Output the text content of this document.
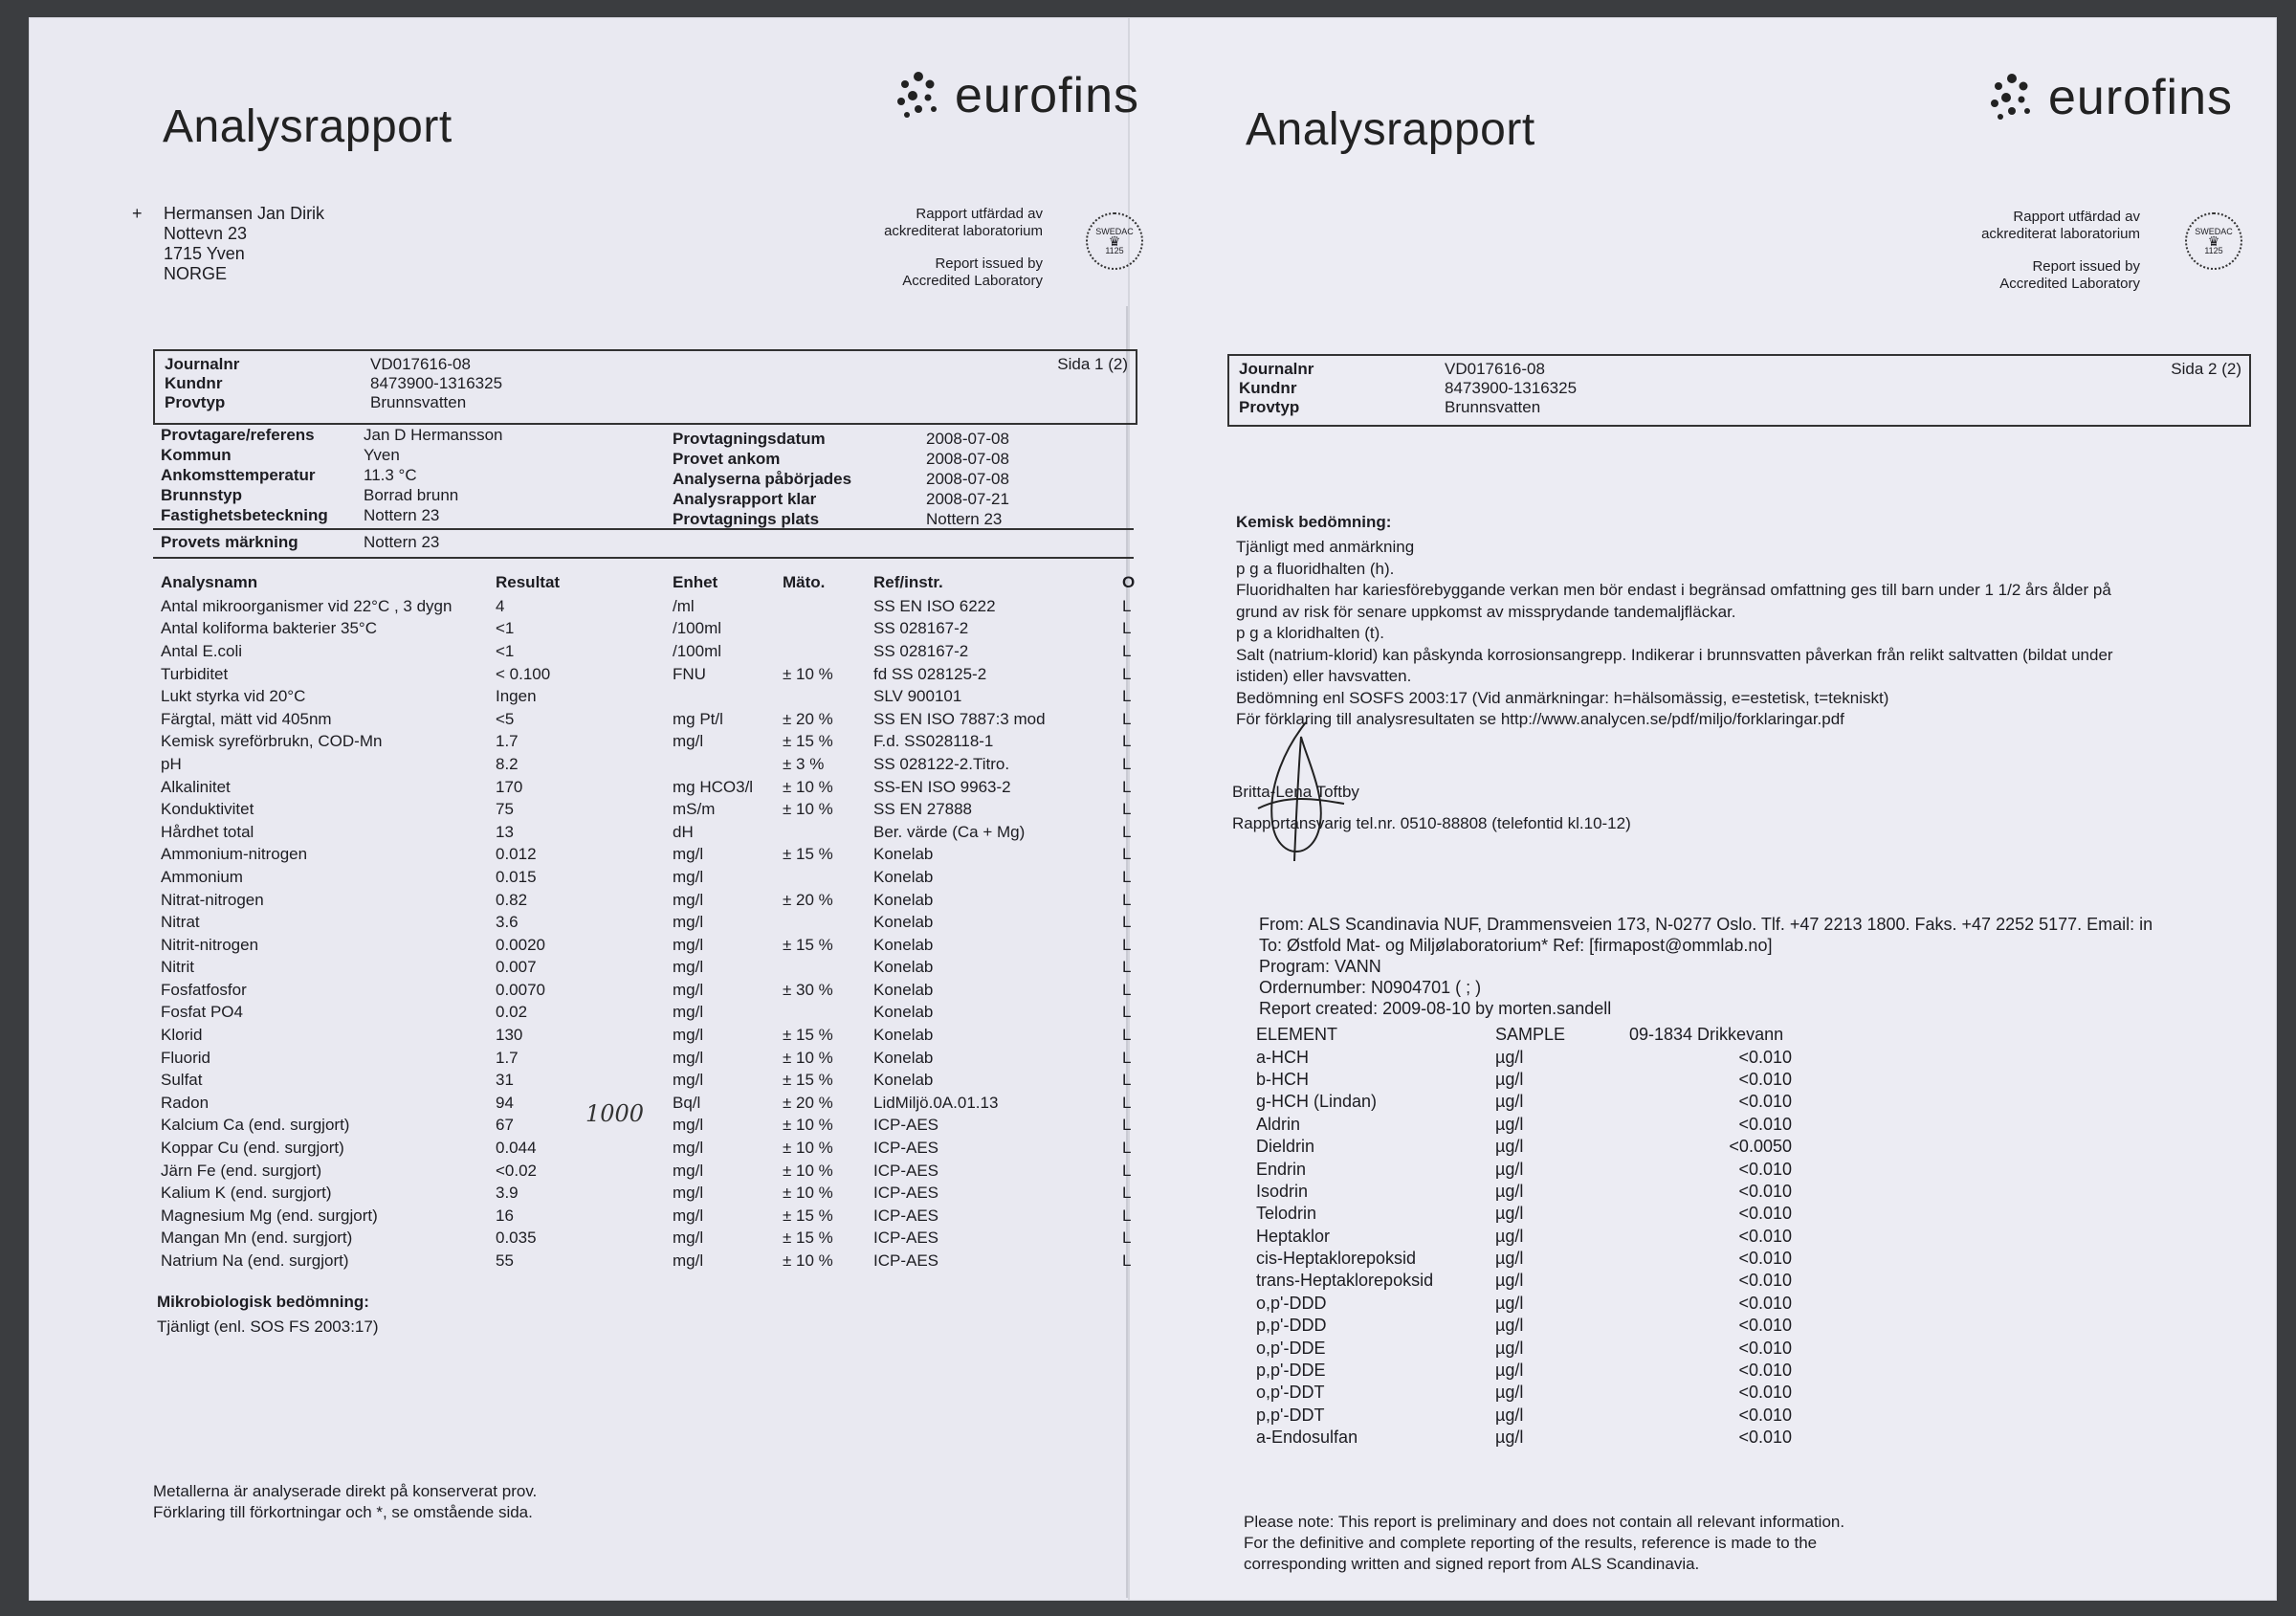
Analysrapport
eurofins
+ Hermansen Jan Dirik
Nottevn 23
1715 Yven
NORGE
Rapport utfärdad av
ackrediterat laboratorium
Report issued by
Accredited Laboratory
SWEDAC
♛
1125
Journalnr	VD017616-08
Kundnr	8473900-1316325
Provtyp	Brunnsvatten
Sida 1 (2)
Provtagare/referens	Jan D Hermansson
Kommun	Yven
Ankomsttemperatur	11.3 °C
Brunnstyp	Borrad brunn
Fastighetsbeteckning	Nottern 23
Provtagningsdatum	2008-07-08
Provet ankom	2008-07-08
Analyserna påbörjades	2008-07-08
Analysrapport klar	2008-07-21
Provtagnings plats	Nottern 23
Provets märkning	Nottern 23
Analysnamn	Resultat	Enhet	Mäto.	Ref/instr.	O
Antal mikroorganismer vid 22°C , 3 dygn	4	/ml		SS EN ISO 6222	L
Antal koliforma bakterier 35°C	<1	/100ml		SS 028167-2	L
Antal E.coli	<1	/100ml		SS 028167-2	L
Turbiditet	< 0.100	FNU	± 10 %	fd SS 028125-2	L
Lukt styrka vid 20°C	Ingen			SLV 900101	L
Färgtal, mätt vid 405nm	<5	mg Pt/l	± 20 %	SS EN ISO 7887:3 mod	L
Kemisk syreförbrukn, COD-Mn	1.7	mg/l	± 15 %	F.d. SS028118-1	L
pH	8.2		± 3 %	SS 028122-2.Titro.	L
Alkalinitet	170	mg HCO3/l	± 10 %	SS-EN ISO 9963-2	L
Konduktivitet	75	mS/m	± 10 %	SS EN 27888	L
Hårdhet total	13	dH		Ber. värde (Ca + Mg)	L
Ammonium-nitrogen	0.012	mg/l	± 15 %	Konelab	L
Ammonium	0.015	mg/l		Konelab	L
Nitrat-nitrogen	0.82	mg/l	± 20 %	Konelab	L
Nitrat	3.6	mg/l		Konelab	L
Nitrit-nitrogen	0.0020	mg/l	± 15 %	Konelab	L
Nitrit	0.007	mg/l		Konelab	L
Fosfatfosfor	0.0070	mg/l	± 30 %	Konelab	L
Fosfat PO4	0.02	mg/l		Konelab	L
Klorid	130	mg/l	± 15 %	Konelab	L
Fluorid	1.7	mg/l	± 10 %	Konelab	L
Sulfat	31	mg/l	± 15 %	Konelab	L
Radon	94	Bq/l	± 20 %	LidMiljö.0A.01.13	L
Kalcium Ca (end. surgjort)	67	mg/l	± 10 %	ICP-AES	L
Koppar Cu (end. surgjort)	0.044	mg/l	± 10 %	ICP-AES	L
Järn Fe (end. surgjort)	<0.02	mg/l	± 10 %	ICP-AES	L
Kalium K (end. surgjort)	3.9	mg/l	± 10 %	ICP-AES	L
Magnesium Mg (end. surgjort)	16	mg/l	± 15 %	ICP-AES	L
Mangan Mn (end. surgjort)	0.035	mg/l	± 15 %	ICP-AES	L
Natrium Na (end. surgjort)	55	mg/l	± 10 %	ICP-AES	L
1000
Mikrobiologisk bedömning:
Tjänligt (enl. SOS FS 2003:17)
Metallerna är analyserade direkt på konserverat prov.
Förklaring till förkortningar och *, se omstående sida.
Analysrapport
eurofins
Rapport utfärdad av
ackrediterat laboratorium
Report issued by
Accredited Laboratory
SWEDAC
♛
1125
Journalnr	VD017616-08
Kundnr	8473900-1316325
Provtyp	Brunnsvatten
Sida 2 (2)
Kemisk bedömning:
Tjänligt med anmärkning
p g a fluoridhalten (h).
Fluoridhalten har kariesförebyggande verkan men bör endast i begränsad omfattning ges till barn under 1 1/2 års ålder på
grund av risk för senare uppkomst av missprydande tandemaljfläckar.
p g a kloridhalten (t).
Salt (natrium-klorid) kan påskynda korrosionsangrepp. Indikerar i brunnsvatten påverkan från relikt saltvatten (bildat under
istiden) eller havsvatten.
Bedömning enl SOSFS 2003:17 (Vid anmärkningar: h=hälsomässig, e=estetisk, t=tekniskt)
För förklaring till analysresultaten se http://www.analycen.se/pdf/miljo/forklaringar.pdf
Britta-Lena Toftby
Rapportansvarig tel.nr. 0510-88808 (telefontid kl.10-12)
From: ALS Scandinavia NUF, Drammensveien 173, N-0277 Oslo. Tlf. +47 2213 1800. Faks. +47 2252 5177. Email: in
To: Østfold Mat- og Miljølaboratorium* Ref: [firmapost@ommlab.no]
Program: VANN
Ordernumber: N0904701 ( ; )
Report created: 2009-08-10 by morten.sandell
ELEMENT	SAMPLE	09-1834 Drikkevann
a-HCH	µg/l	<0.010
b-HCH	µg/l	<0.010
g-HCH (Lindan)	µg/l	<0.010
Aldrin	µg/l	<0.010
Dieldrin	µg/l	<0.0050
Endrin	µg/l	<0.010
Isodrin	µg/l	<0.010
Telodrin	µg/l	<0.010
Heptaklor	µg/l	<0.010
cis-Heptaklorepoksid	µg/l	<0.010
trans-Heptaklorepoksid	µg/l	<0.010
o,p'-DDD	µg/l	<0.010
p,p'-DDD	µg/l	<0.010
o,p'-DDE	µg/l	<0.010
p,p'-DDE	µg/l	<0.010
o,p'-DDT	µg/l	<0.010
p,p'-DDT	µg/l	<0.010
a-Endosulfan	µg/l	<0.010
Please note: This report is preliminary and does not contain all relevant information.
For the definitive and complete reporting of the results, reference is made to the
corresponding written and signed report from ALS Scandinavia.
